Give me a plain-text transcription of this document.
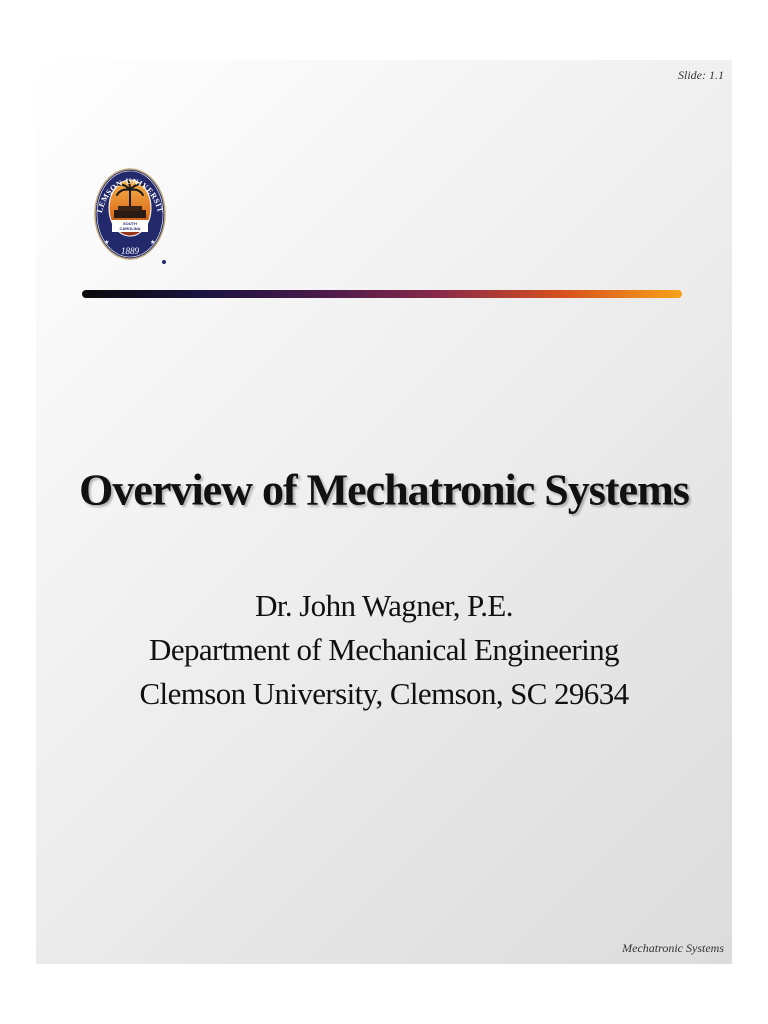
Slide: 1.1
SOUTH
CAROLINA
LEMSON UNIVERSIT
★	★
1889
Overview of Mechatronic Systems
Dr. John Wagner, P.E.
Department of Mechanical Engineering
Clemson University, Clemson, SC 29634
Mechatronic Systems
